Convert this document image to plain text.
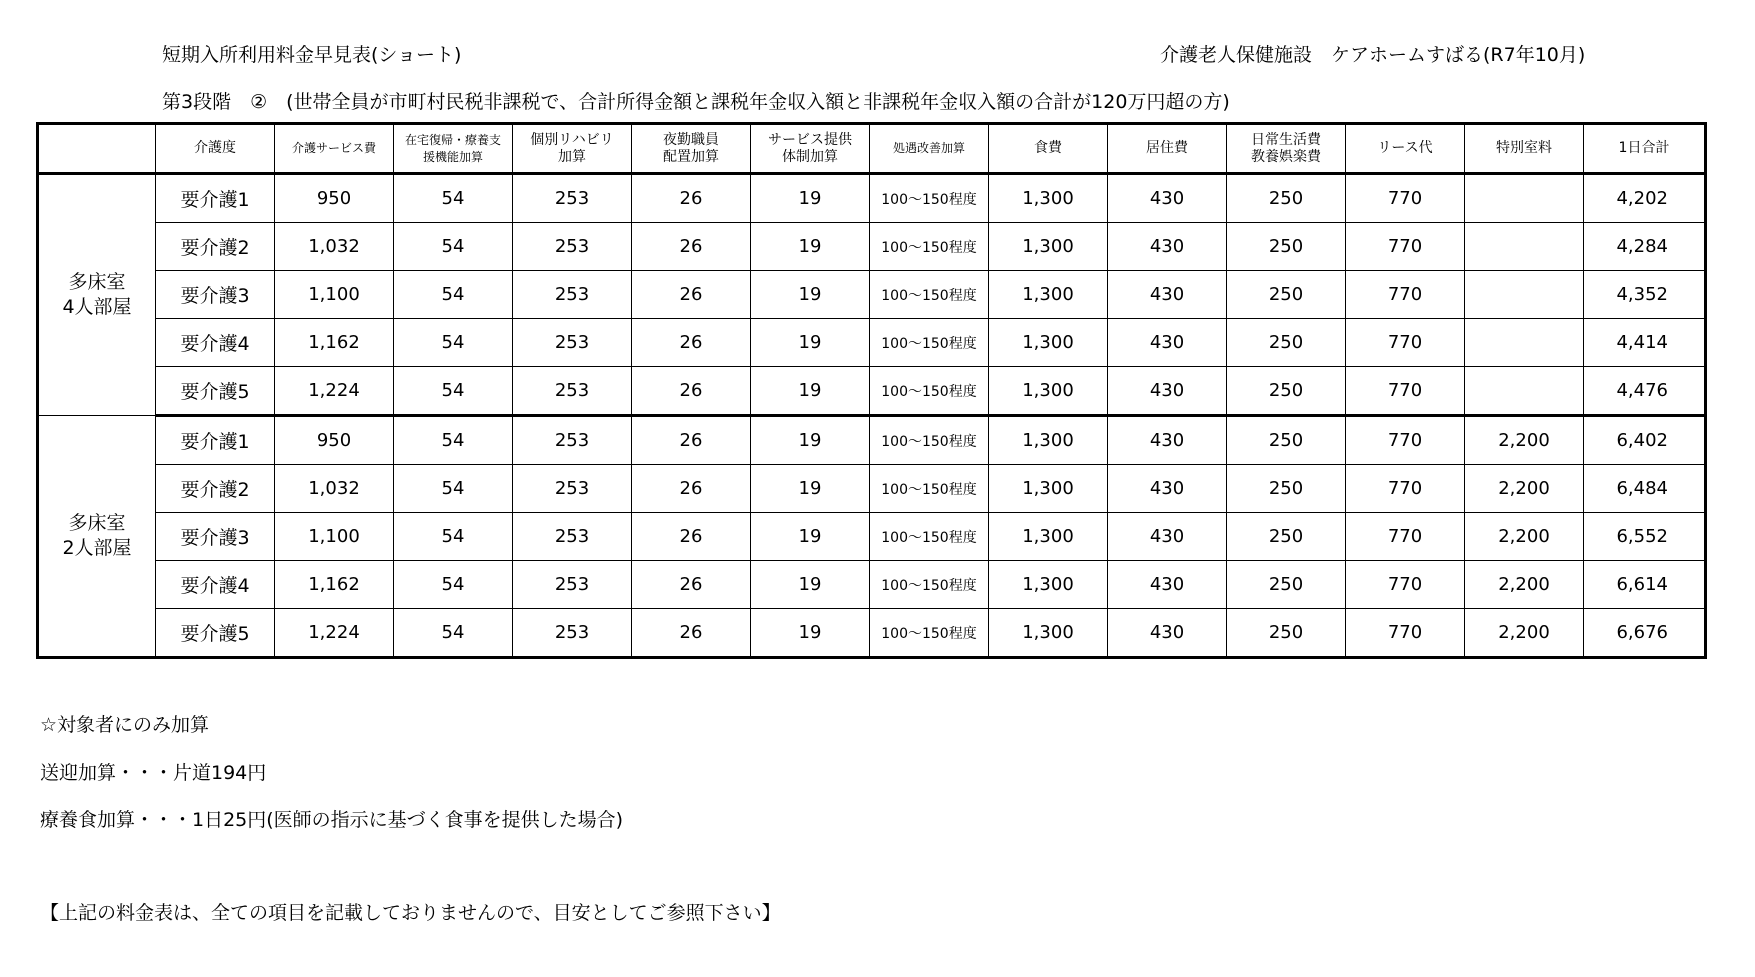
短期入所利用料金早見表(ショート)	介護老人保健施設　ケアホームすばる(R7年10月)
第3段階　②　(世帯全員が市町村民税非課税で、合計所得金額と課税年金収入額と非課税年金収入額の合計が120万円超の方)
	介護度	介護サービス費	在宅復帰・療養支
援機能加算	個別リハビリ
加算	夜勤職員
配置加算	サービス提供
体制加算	処遇改善加算	食費	居住費	日常生活費
教養娯楽費	リース代	特別室料	1日合計
多床室
4人部屋	要介護1	950	54	253	26	19	100～150程度	1,300	430	250	770		4,202
	要介護2	1,032	54	253	26	19	100～150程度	1,300	430	250	770		4,284
	要介護3	1,100	54	253	26	19	100～150程度	1,300	430	250	770		4,352
	要介護4	1,162	54	253	26	19	100～150程度	1,300	430	250	770		4,414
	要介護5	1,224	54	253	26	19	100～150程度	1,300	430	250	770		4,476
多床室
2人部屋	要介護1	950	54	253	26	19	100～150程度	1,300	430	250	770	2,200	6,402
	要介護2	1,032	54	253	26	19	100～150程度	1,300	430	250	770	2,200	6,484
	要介護3	1,100	54	253	26	19	100～150程度	1,300	430	250	770	2,200	6,552
	要介護4	1,162	54	253	26	19	100～150程度	1,300	430	250	770	2,200	6,614
	要介護5	1,224	54	253	26	19	100～150程度	1,300	430	250	770	2,200	6,676
☆対象者にのみ加算
送迎加算・・・片道194円
療養食加算・・・1日25円(医師の指示に基づく食事を提供した場合)
【上記の料金表は、全ての項目を記載しておりませんので、目安としてご参照下さい】
